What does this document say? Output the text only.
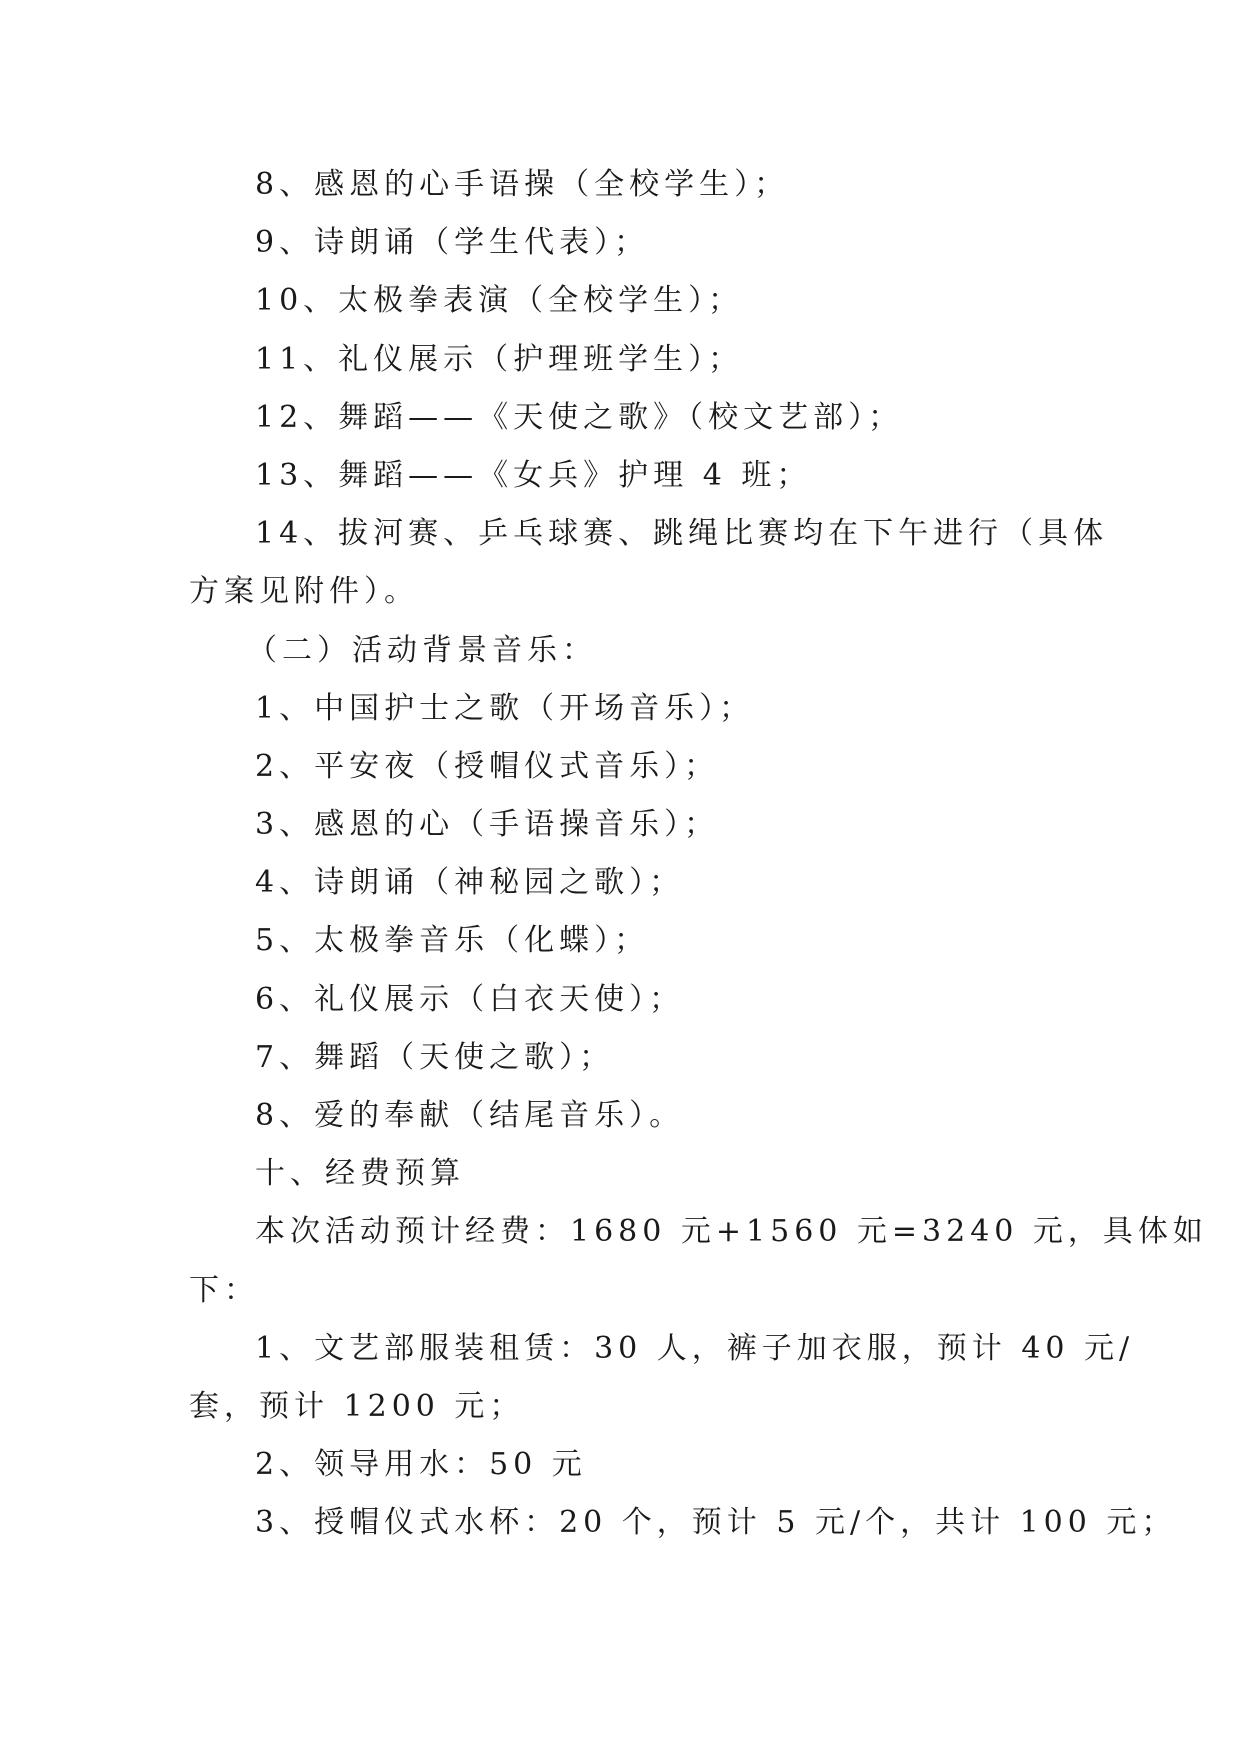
8、感恩的心手语操（全校学生）；
9、诗朗诵（学生代表）；
10、太极拳表演（全校学生）；
11、礼仪展示（护理班学生）；
12、舞蹈——《天使之歌》（校文艺部）；
13、舞蹈——《女兵》护理 4 班；
14、拔河赛、乒乓球赛、跳绳比赛均在下午进行（具体
方案见附件）。
（二）活动背景音乐：
1、中国护士之歌（开场音乐）；
2、平安夜（授帽仪式音乐）；
3、感恩的心（手语操音乐）；
4、诗朗诵（神秘园之歌）；
5、太极拳音乐（化蝶）；
6、礼仪展示（白衣天使）；
7、舞蹈（天使之歌）；
8、爱的奉献（结尾音乐）。
十、经费预算
本次活动预计经费：1680 元+1560 元=3240 元，具体如
下：
1、文艺部服装租赁：30 人，裤子加衣服，预计 40 元/
套，预计 1200 元；
2、领导用水：50 元
3、授帽仪式水杯：20 个，预计 5 元/个，共计 100 元；
